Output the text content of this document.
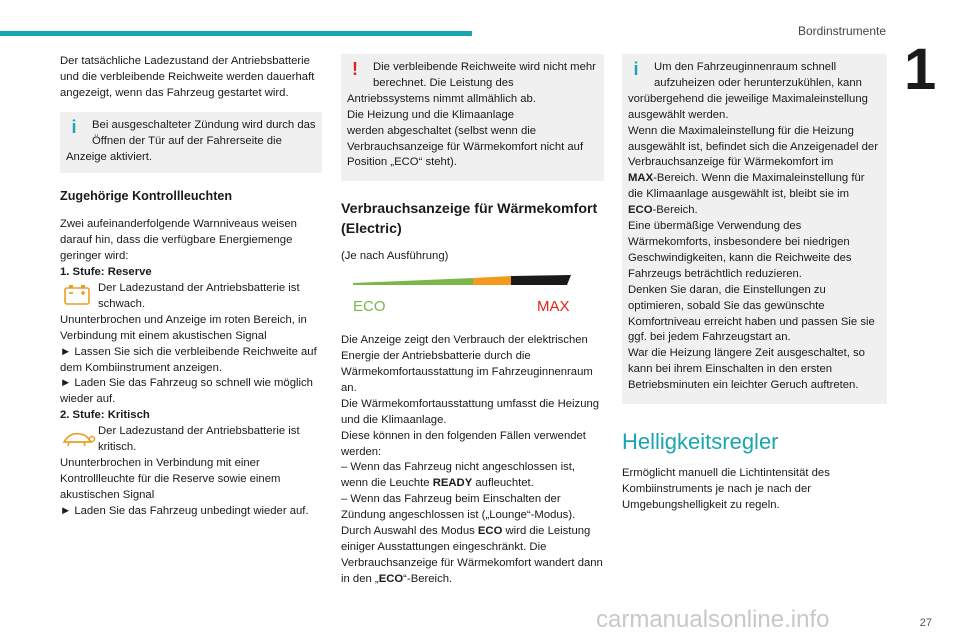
Bordinstrumente
1

Der tatsächliche Ladezustand der Antriebsbatterie und die verbleibende Reichweite werden dauerhaft angezeigt, wenn das Fahrzeug gestartet wird.

i	Bei ausgeschalteter Zündung wird durch das Öffnen der Tür auf der Fahrerseite die

Anzeige aktiviert.

Zugehörige Kontrollleuchten

Zwei aufeinanderfolgende Warnniveaus weisen darauf hin, dass die verfügbare Energiemenge geringer wird:

1. Stufe: Reserve

Der Ladezustand der Antriebsbatterie ist schwach.

Ununterbrochen und Anzeige im roten Bereich, in Verbindung mit einem akustischen Signal

► Lassen Sie sich die verbleibende Reichweite auf dem Kombiinstrument anzeigen.

► Laden Sie das Fahrzeug so schnell wie möglich wieder auf.

2. Stufe: Kritisch

Der Ladezustand der Antriebsbatterie ist kritisch.

Ununterbrochen in Verbindung mit einer Kontrollleuchte für die Reserve sowie einem akustischen Signal

► Laden Sie das Fahrzeug unbedingt wieder auf.

!	Die verbleibende Reichweite wird nicht mehr berechnet. Die Leistung des

Antriebssystems nimmt allmählich ab.
Die Heizung und die Klimaanlage
werden abgeschaltet (selbst wenn die Verbrauchsanzeige für Wärmekomfort nicht auf Position „ECO“ steht).

Verbrauchsanzeige für Wärmekomfort (Electric)

(Je nach Ausführung)

ECO	MAX

Die Anzeige zeigt den Verbrauch der elektrischen Energie der Antriebsbatterie durch die Wärmekomfortausstattung im Fahrzeuginnenraum an.

Die Wärmekomfortausstattung umfasst die Heizung und die Klimaanlage.

Diese können in den folgenden Fällen verwendet werden:

– Wenn das Fahrzeug nicht angeschlossen ist, wenn die Leuchte READY aufleuchtet.

– Wenn das Fahrzeug beim Einschalten der Zündung angeschlossen ist („Lounge“-Modus).

Durch Auswahl des Modus ECO wird die Leistung einiger Ausstattungen eingeschränkt. Die Verbrauchsanzeige für Wärmekomfort wandert dann in den „ECO“-Bereich.

i	Um den Fahrzeuginnenraum schnell aufzuheizen oder herunterzukühlen, kann

vorübergehend die jeweilige Maximaleinstellung ausgewählt werden.

Wenn die Maximaleinstellung für die Heizung ausgewählt ist, befindet sich die Anzeigenadel der Verbrauchsanzeige für Wärmekomfort im

MAX-Bereich. Wenn die Maximaleinstellung für die Klimaanlage ausgewählt ist, bleibt sie im

ECO-Bereich.

Eine übermäßige Verwendung des Wärmekomforts, insbesondere bei niedrigen Geschwindigkeiten, kann die Reichweite des Fahrzeugs beträchtlich reduzieren.

Denken Sie daran, die Einstellungen zu optimieren, sobald Sie das gewünschte Komfortniveau erreicht haben und passen Sie sie ggf. bei jedem Fahrzeugstart an.

War die Heizung längere Zeit ausgeschaltet, so kann bei ihrem Einschalten in den ersten Betriebsminuten ein leichter Geruch auftreten.

Helligkeitsregler

Ermöglicht manuell die Lichtintensität des Kombiinstruments je nach je nach der Umgebungshelligkeit zu regeln.

carmanualsonline.info	27
